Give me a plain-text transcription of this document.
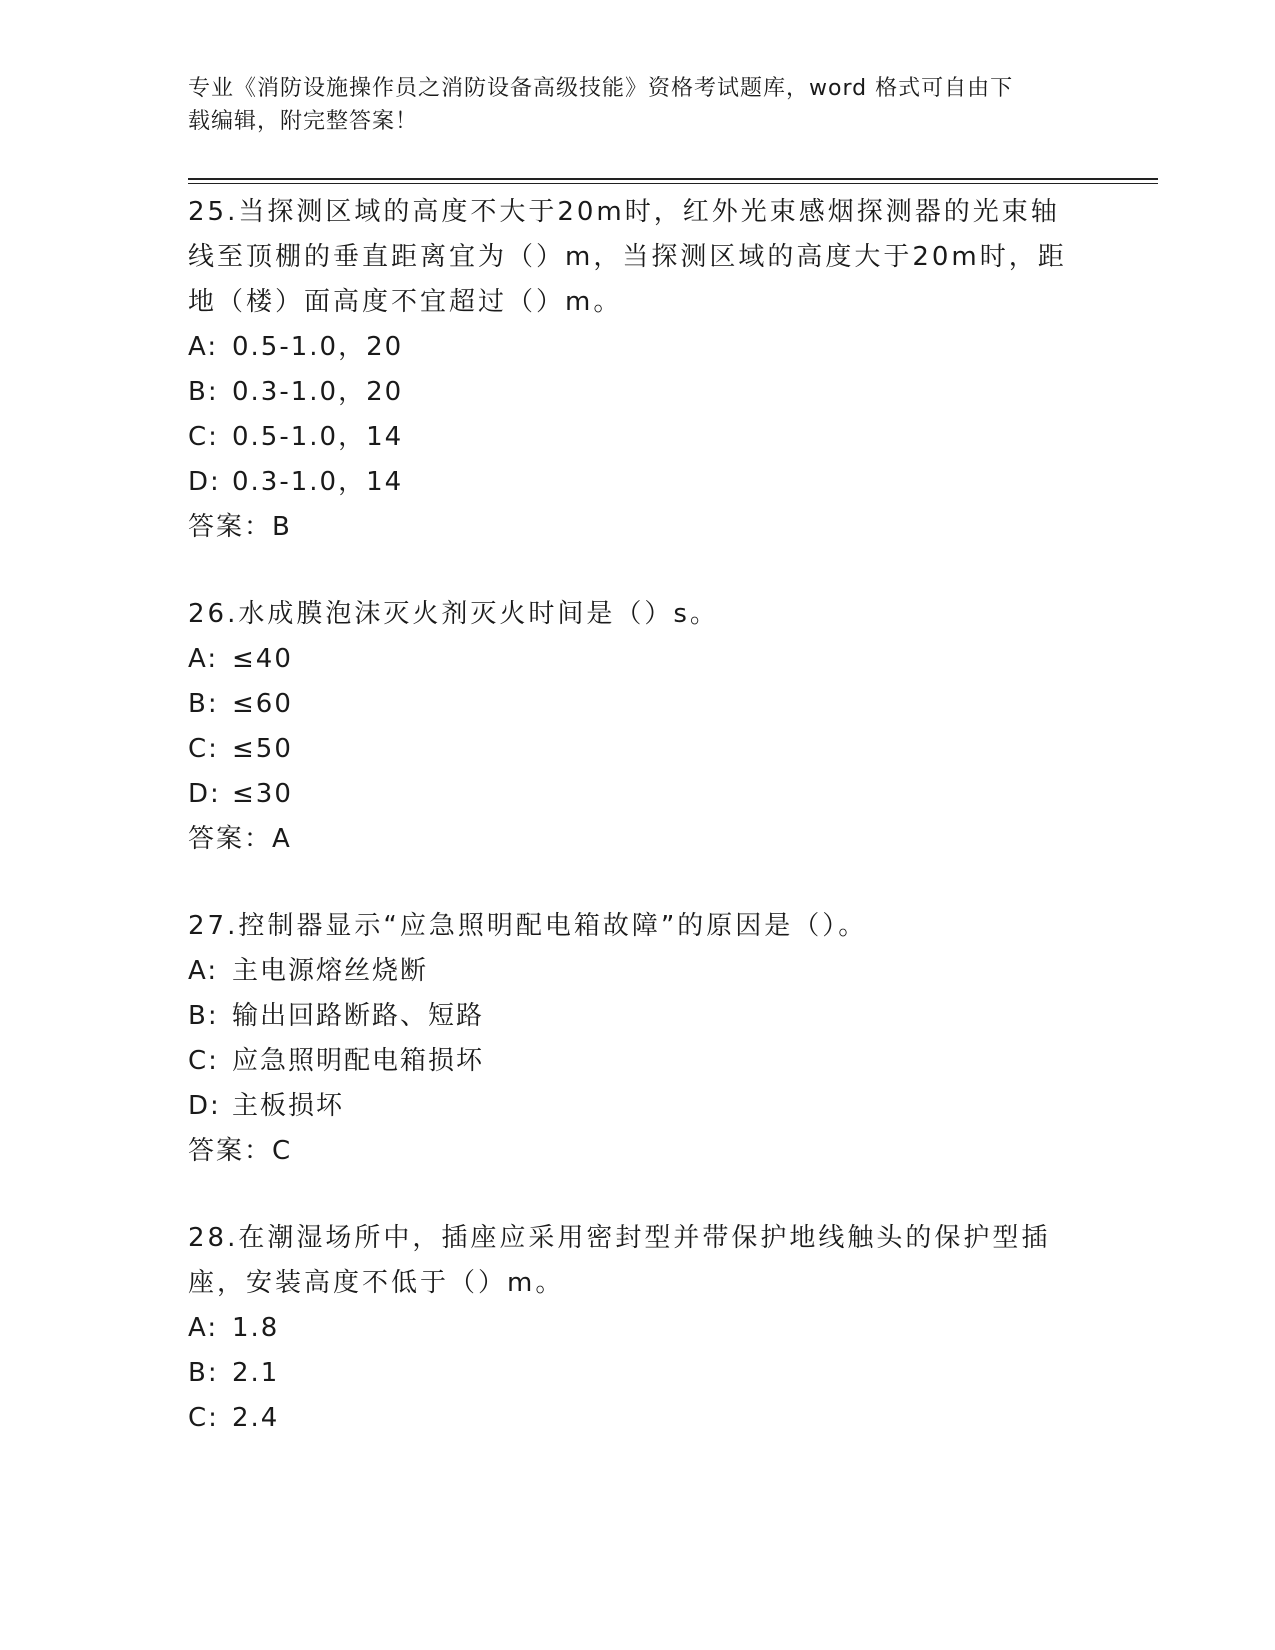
专业《消防设施操作员之消防设备高级技能》资格考试题库，word 格式可自由下
载编辑，附完整答案！
25.当探测区域的高度不大于20m时，红外光束感烟探测器的光束轴线至顶棚的垂直距离宜为（）m，当探测区域的高度大于20m时，距地（楼）面高度不宜超过（）m。
A: 0.5-1.0，20
B: 0.3-1.0，20
C: 0.5-1.0，14
D: 0.3-1.0，14
答案：B
26.水成膜泡沫灭火剂灭火时间是（）s。
A: ≤40
B: ≤60
C: ≤50
D: ≤30
答案：A
27.控制器显示“应急照明配电箱故障”的原因是（）。
A: 主电源熔丝烧断
B: 输出回路断路、短路
C: 应急照明配电箱损坏
D: 主板损坏
答案：C
28.在潮湿场所中，插座应采用密封型并带保护地线触头的保护型插座，安装高度不低于（）m。
A: 1.8
B: 2.1
C: 2.4
